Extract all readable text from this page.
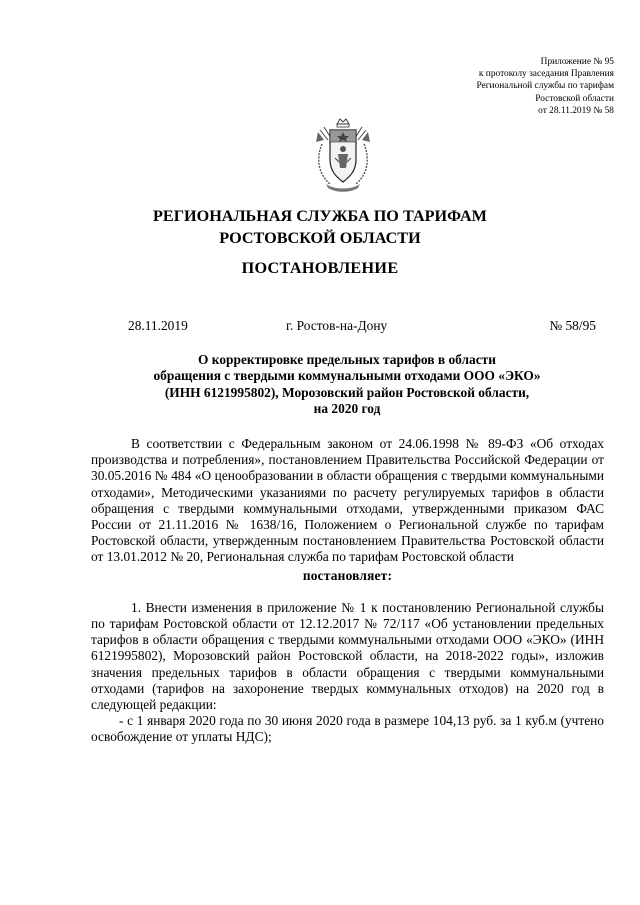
Приложение № 95
к протоколу заседания Правления
Региональной службы по тарифам
Ростовской области
от 28.11.2019 № 58
РЕГИОНАЛЬНАЯ СЛУЖБА ПО ТАРИФАМ
РОСТОВСКОЙ ОБЛАСТИ
ПОСТАНОВЛЕНИЕ
28.11.2019	г. Ростов-на-Дону	№ 58/95
О корректировке предельных тарифов в области
обращения с твердыми коммунальными отходами ООО «ЭКО»
(ИНН 6121995802), Морозовский район Ростовской области,
на 2020 год

В соответствии с Федеральным законом от 24.06.1998 № 89-ФЗ «Об отходах производства и потребления», постановлением Правительства Российской Федерации от 30.05.2016 № 484 «О ценообразовании в области обращения с твердыми коммунальными отходами», Методическими указаниями по расчету регулируемых тарифов в области обращения с твердыми коммунальными отходами, утвержденными приказом ФАС России от 21.11.2016 № 1638/16, Положением о Региональной службе по тарифам Ростовской области, утвержденным постановлением Правительства Ростовской области от 13.01.2012 № 20, Региональная служба по тарифам Ростовской области

постановляет:

1. Внести изменения в приложение № 1 к постановлению Региональной службы по тарифам Ростовской области от 12.12.2017 № 72/117 «Об установлении предельных тарифов в области обращения с твердыми коммунальными отходами ООО «ЭКО» (ИНН 6121995802), Морозовский район Ростовской области, на 2018-2022 годы», изложив значения предельных тарифов в области обращения с твердыми коммунальными отходами (тарифов на захоронение твердых коммунальных отходов) на 2020 год в следующей редакции:

- с 1 января 2020 года по 30 июня 2020 года в размере 104,13 руб. за 1 куб.м (учтено освобождение от уплаты НДС);
